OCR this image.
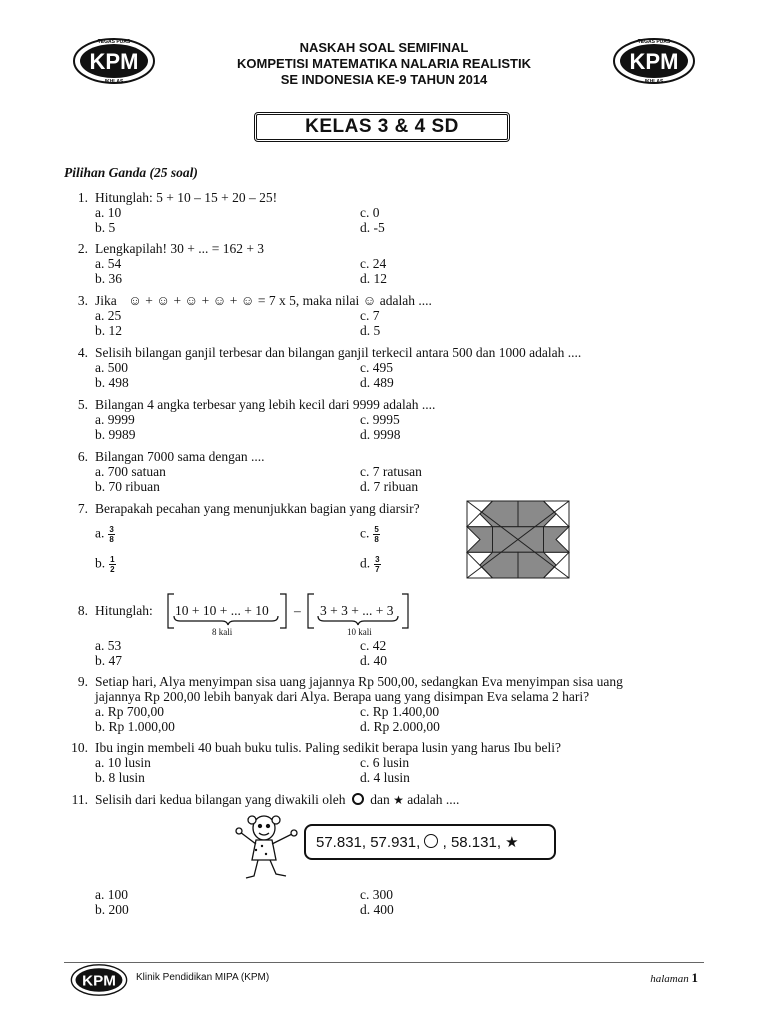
KPM
TEGAS PUAS
IKHLAS
KPM
TEGAS PUAS
IKHLAS
NASKAH SOAL SEMIFINAL
KOMPETISI MATEMATIKA NALARIA REALISTIK
SE INDONESIA KE-9 TAHUN 2014
KELAS 3 & 4 SD
Pilihan Ganda (25 soal)
1. Hitunglah: 5 + 10 – 15 + 20 – 25!
a. 10
b. 5
c. 0
d. -5
2. Lengkapilah! 30 + ... = 162 + 3
a. 54
b. 36
c. 24
d. 12
3. Jika ☺ + ☺ + ☺ + ☺ + ☺ = 7 x 5, maka nilai ☺ adalah ....
a. 25
b. 12
c. 7
d. 5
4. Selisih bilangan ganjil terbesar dan bilangan ganjil terkecil antara 500 dan 1000 adalah ....
a. 500
b. 498
c. 495
d. 489
5. Bilangan 4 angka terbesar yang lebih kecil dari 9999 adalah ....
a. 9999
b. 9989
c. 9995
d. 9998
6. Bilangan 7000 sama dengan ....
a. 700 satuan
b. 70 ribuan
c. 7 ratusan
d. 7 ribuan
7. Berapakah pecahan yang menunjukkan bagian yang diarsir?
a. $\frac{3}{8}$
b. $\frac{1}{2}$
c. $\frac{5}{8}$
d. $\frac{3}{7}$
8. Hitunglah: 10 + 10 + ... + 10 – 3 + 3 + ... + 3
8 kali	10 kali
a. 53
b. 47
c. 42
d. 40
9. Setiap hari, Alya menyimpan sisa uang jajannya Rp 500,00, sedangkan Eva menyimpan sisa uang
jajannya Rp 200,00 lebih banyak dari Alya. Berapa uang yang disimpan Eva selama 2 hari?
a. Rp 700,00
b. Rp 1.000,00
c. Rp 1.400,00
d. Rp 2.000,00
10. Ibu ingin membeli 40 buah buku tulis. Paling sedikit berapa lusin yang harus Ibu beli?
a. 10 lusin
b. 8 lusin
c. 6 lusin
d. 4 lusin
11. Selisih dari kedua bilangan yang diwakili oleh dan ★ adalah ....
a. 100
b. 200
c. 300
d. 400
57.831, 57.931, , 58.131, ★
KPM Klinik Pendidikan MIPA (KPM)	halaman 1
